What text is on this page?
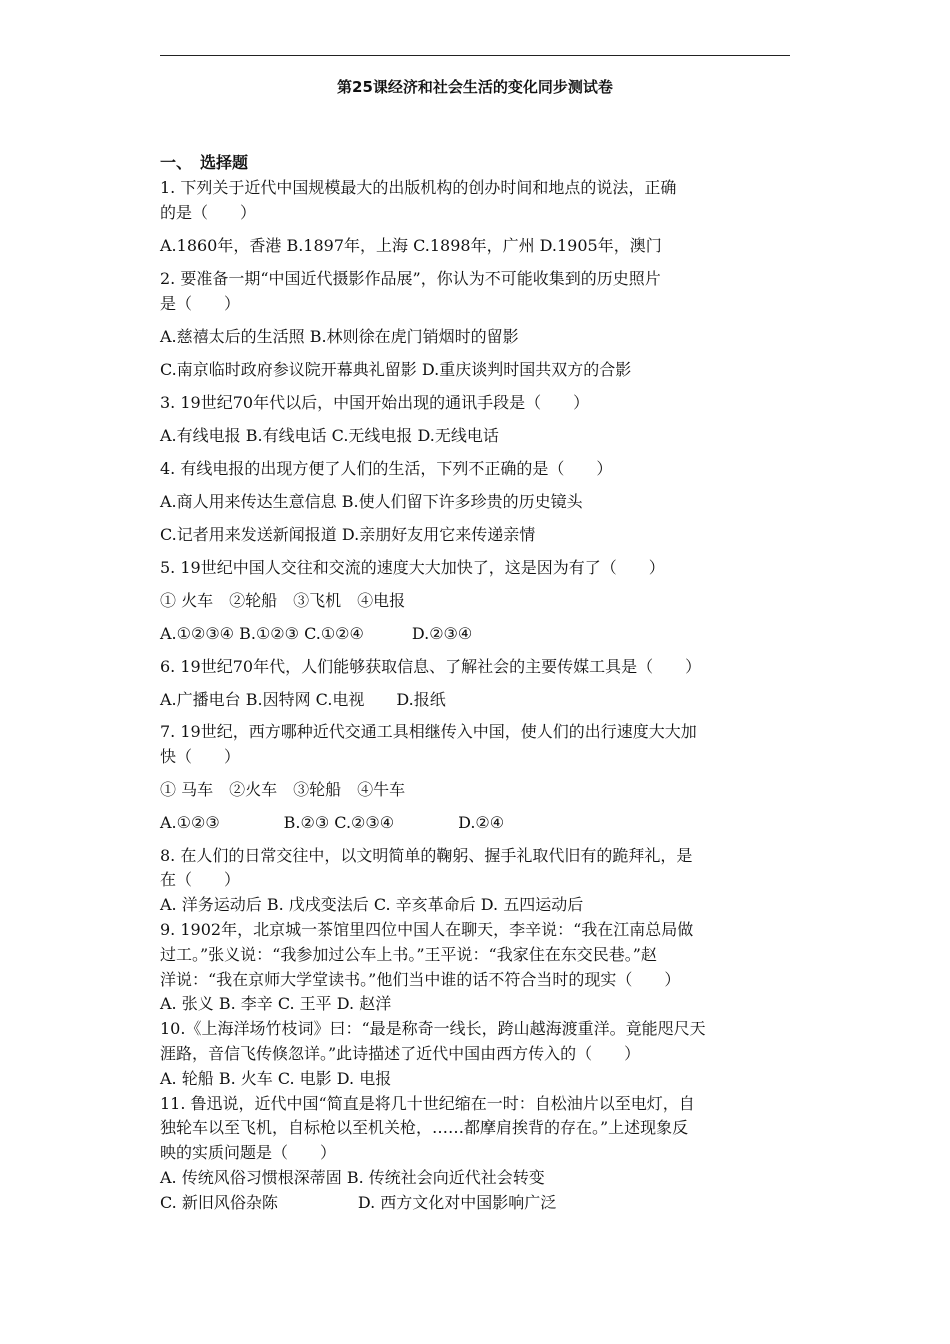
第25课经济和社会生活的变化同步测试卷
一、　选择题
1. 下列关于近代中国规模最大的出版机构的创办时间和地点的说法，正确
的是（　　）
A.1860年，香港 B.1897年，上海 C.1898年，广州 D.1905年，澳门
2. 要准备一期“中国近代摄影作品展”，你认为不可能收集到的历史照片
是（　　）
A.慈禧太后的生活照 B.林则徐在虎门销烟时的留影
C.南京临时政府参议院开幕典礼留影 D.重庆谈判时国共双方的合影
3. 19世纪70年代以后，中国开始出现的通讯手段是（　　）
A.有线电报 B.有线电话 C.无线电报 D.无线电话
4. 有线电报的出现方便了人们的生活，下列不正确的是（　　）
A.商人用来传达生意信息 B.使人们留下许多珍贵的历史镜头
C.记者用来发送新闻报道 D.亲朋好友用它来传递亲情
5. 19世纪中国人交往和交流的速度大大加快了，这是因为有了（　　）
① 火车　②轮船　③飞机　④电报
A.①②③④ B.①②③ C.①②④　　　D.②③④
6. 19世纪70年代，人们能够获取信息、了解社会的主要传媒工具是（　　）
A.广播电台 B.因特网 C.电视　　D.报纸
7. 19世纪，西方哪种近代交通工具相继传入中国，使人们的出行速度大大加
快（　　）
① 马车　②火车　③轮船　④牛车
A.①②③　　　　B.②③ C.②③④　　　　D.②④
8. 在人们的日常交往中，以文明简单的鞠躬、握手礼取代旧有的跪拜礼，是
在（　　）
A. 洋务运动后 B. 戊戌变法后 C. 辛亥革命后 D. 五四运动后
9. 1902年，北京城一茶馆里四位中国人在聊天，李辛说：“我在江南总局做
过工。”张义说：“我参加过公车上书。”王平说：“我家住在东交民巷。”赵
洋说：“我在京师大学堂读书。”他们当中谁的话不符合当时的现实（　　）
A. 张义 B. 李辛 C. 王平 D. 赵洋
10.《上海洋场竹枝词》曰：“最是称奇一线长，跨山越海渡重洋。竟能咫尺天
涯路，音信飞传倏忽详。”此诗描述了近代中国由西方传入的（　　）
A. 轮船 B. 火车 C. 电影 D. 电报
11. 鲁迅说，近代中国“简直是将几十世纪缩在一时：自松油片以至电灯，自
独轮车以至飞机，自标枪以至机关枪，……都摩肩挨背的存在。”上述现象反
映的实质问题是（　　）
A. 传统风俗习惯根深蒂固 B. 传统社会向近代社会转变
C. 新旧风俗杂陈　　　　　D. 西方文化对中国影响广泛
